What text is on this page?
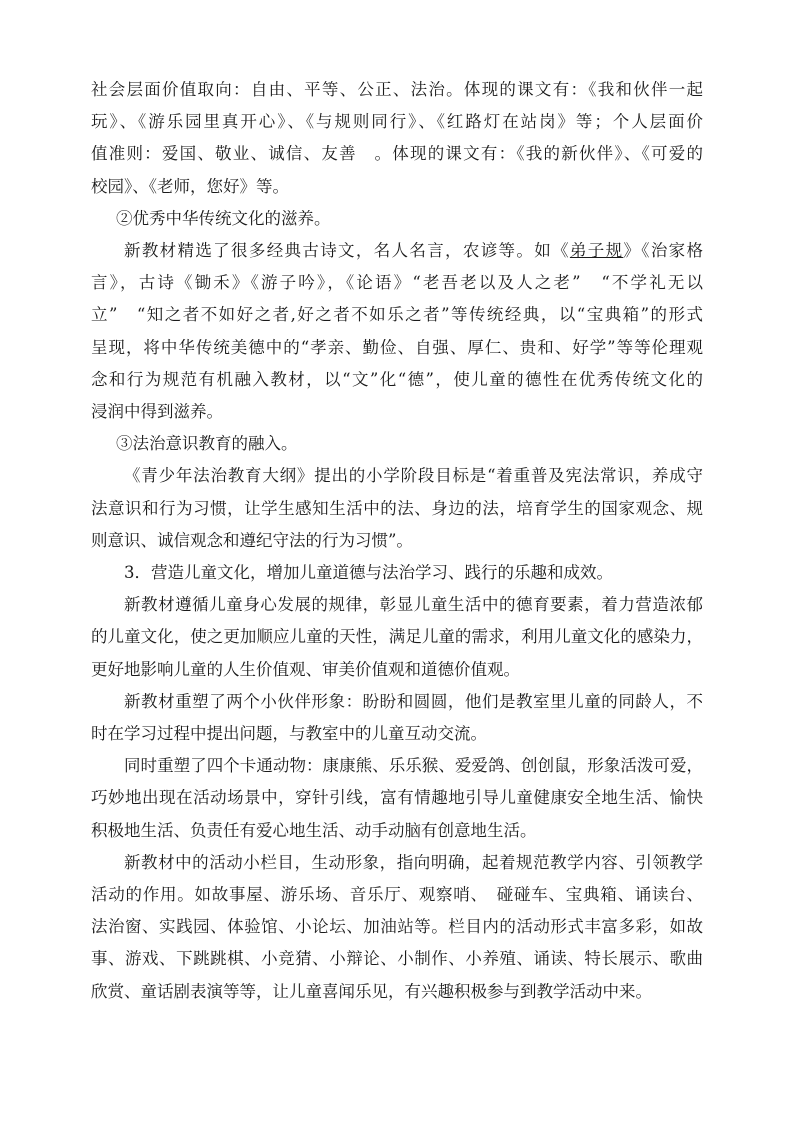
社会层面价值取向：自由、平等、公正、法治。体现的课文有：《我和伙伴一起
玩》、《游乐园里真开心》、《与规则同行》、《红路灯在站岗》等；个人层面价
值准则：爱国、敬业、诚信、友善　。体现的课文有：《我的新伙伴》、《可爱的
校园》、《老师，您好》等。
②优秀中华传统文化的滋养。
新教材精选了很多经典古诗文，名人名言，农谚等。如《弟子规》《治家格
言》，古诗《锄禾》《游子吟》，《论语》“老吾老以及人之老”　“不学礼无以
立”　“知之者不如好之者,好之者不如乐之者”等传统经典，以“宝典箱”的形式
呈现，将中华传统美德中的“孝亲、勤俭、自强、厚仁、贵和、好学”等等伦理观
念和行为规范有机融入教材，以“文”化“德”，使儿童的德性在优秀传统文化的
浸润中得到滋养。
③法治意识教育的融入。
《青少年法治教育大纲》提出的小学阶段目标是“着重普及宪法常识，养成守
法意识和行为习惯，让学生感知生活中的法、身边的法，培育学生的国家观念、规
则意识、诚信观念和遵纪守法的行为习惯”。
3．营造儿童文化，增加儿童道德与法治学习、践行的乐趣和成效。
新教材遵循儿童身心发展的规律，彰显儿童生活中的德育要素，着力营造浓郁
的儿童文化，使之更加顺应儿童的天性，满足儿童的需求，利用儿童文化的感染力，
更好地影响儿童的人生价值观、审美价值观和道德价值观。
新教材重塑了两个小伙伴形象：盼盼和圆圆，他们是教室里儿童的同龄人，不
时在学习过程中提出问题，与教室中的儿童互动交流。
同时重塑了四个卡通动物：康康熊、乐乐猴、爱爱鸽、创创鼠，形象活泼可爱，
巧妙地出现在活动场景中，穿针引线，富有情趣地引导儿童健康安全地生活、愉快
积极地生活、负责任有爱心地生活、动手动脑有创意地生活。
新教材中的活动小栏目，生动形象，指向明确，起着规范教学内容、引领教学
活动的作用。如故事屋、游乐场、音乐厅、观察哨、　碰碰车、宝典箱、诵读台、
法治窗、实践园、体验馆、小论坛、加油站等。栏目内的活动形式丰富多彩，如故
事、游戏、下跳跳棋、小竞猜、小辩论、小制作、小养殖、诵读、特长展示、歌曲
欣赏、童话剧表演等等，让儿童喜闻乐见，有兴趣积极参与到教学活动中来。
